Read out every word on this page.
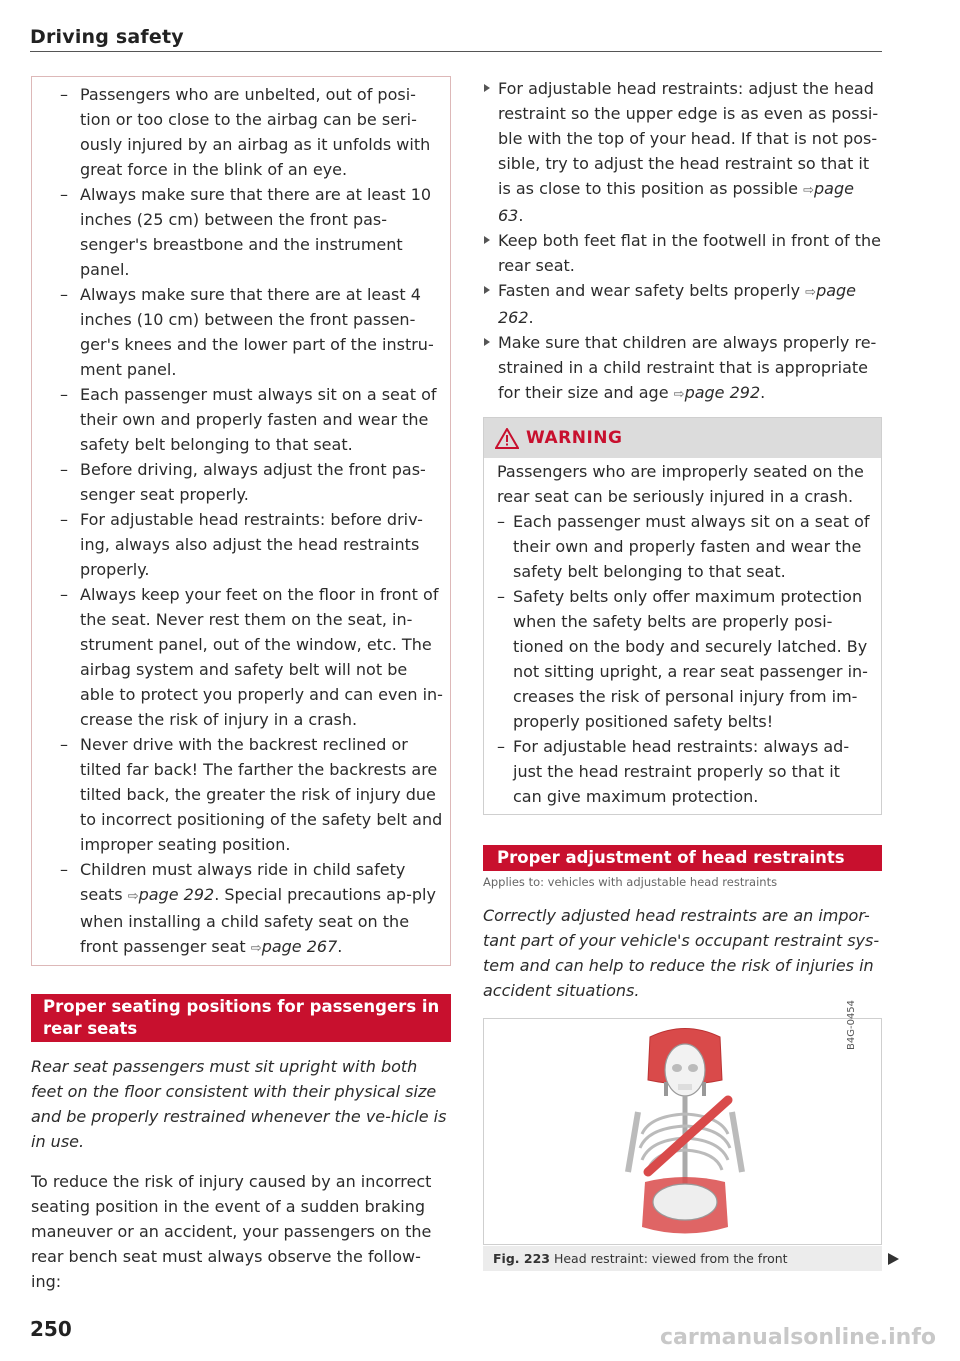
Driving safety
– Passengers who are unbelted, out of posi-tion or too close to the airbag can be seri-ously injured by an airbag as it unfolds with great force in the blink of an eye.
– Always make sure that there are at least 10 inches (25 cm) between the front pas-senger's breastbone and the instrument panel.
– Always make sure that there are at least 4 inches (10 cm) between the front passen-ger's knees and the lower part of the instru-ment panel.
– Each passenger must always sit on a seat of their own and properly fasten and wear the safety belt belonging to that seat.
– Before driving, always adjust the front pas-senger seat properly.
– For adjustable head restraints: before driv-ing, always also adjust the head restraints properly.
– Always keep your feet on the floor in front of the seat. Never rest them on the seat, in-strument panel, out of the window, etc. The airbag system and safety belt will not be able to protect you properly and can even in-crease the risk of injury in a crash.
– Never drive with the backrest reclined or tilted far back! The farther the backrests are tilted back, the greater the risk of injury due to incorrect positioning of the safety belt and improper seating position.
– Children must always ride in child safety seats ⇨page 292. Special precautions ap-ply when installing a child safety seat on the front passenger seat ⇨page 267.
Proper seating positions for passengers in rear seats

Rear seat passengers must sit upright with both feet on the floor consistent with their physical size and be properly restrained whenever the ve-hicle is in use.

To reduce the risk of injury caused by an incorrect seating position in the event of a sudden braking maneuver or an accident, your passengers on the rear bench seat must always observe the follow-ing:

For adjustable head restraints: adjust the head restraint so the upper edge is as even as possi-ble with the top of your head. If that is not pos-sible, try to adjust the head restraint so that it is as close to this position as possible ⇨page 63.
Keep both feet flat in the footwell in front of the rear seat.
Fasten and wear safety belts properly ⇨page 262.
Make sure that children are always properly re-strained in a child restraint that is appropriate for their size and age ⇨page 292.
WARNING

Passengers who are improperly seated on the rear seat can be seriously injured in a crash.

– Each passenger must always sit on a seat of their own and properly fasten and wear the safety belt belonging to that seat.
– Safety belts only offer maximum protection when the safety belts are properly posi-tioned on the body and securely latched. By not sitting upright, a rear seat passenger in-creases the risk of personal injury from im-properly positioned safety belts!
– For adjustable head restraints: always ad-just the head restraint properly so that it can give maximum protection.
Proper adjustment of head restraints
Applies to: vehicles with adjustable head restraints

Correctly adjusted head restraints are an impor-tant part of your vehicle's occupant restraint sys-tem and can help to reduce the risk of injuries in accident situations.

B4G-0454
Fig. 223 Head restraint: viewed from the front
250	carmanualsonline.info
